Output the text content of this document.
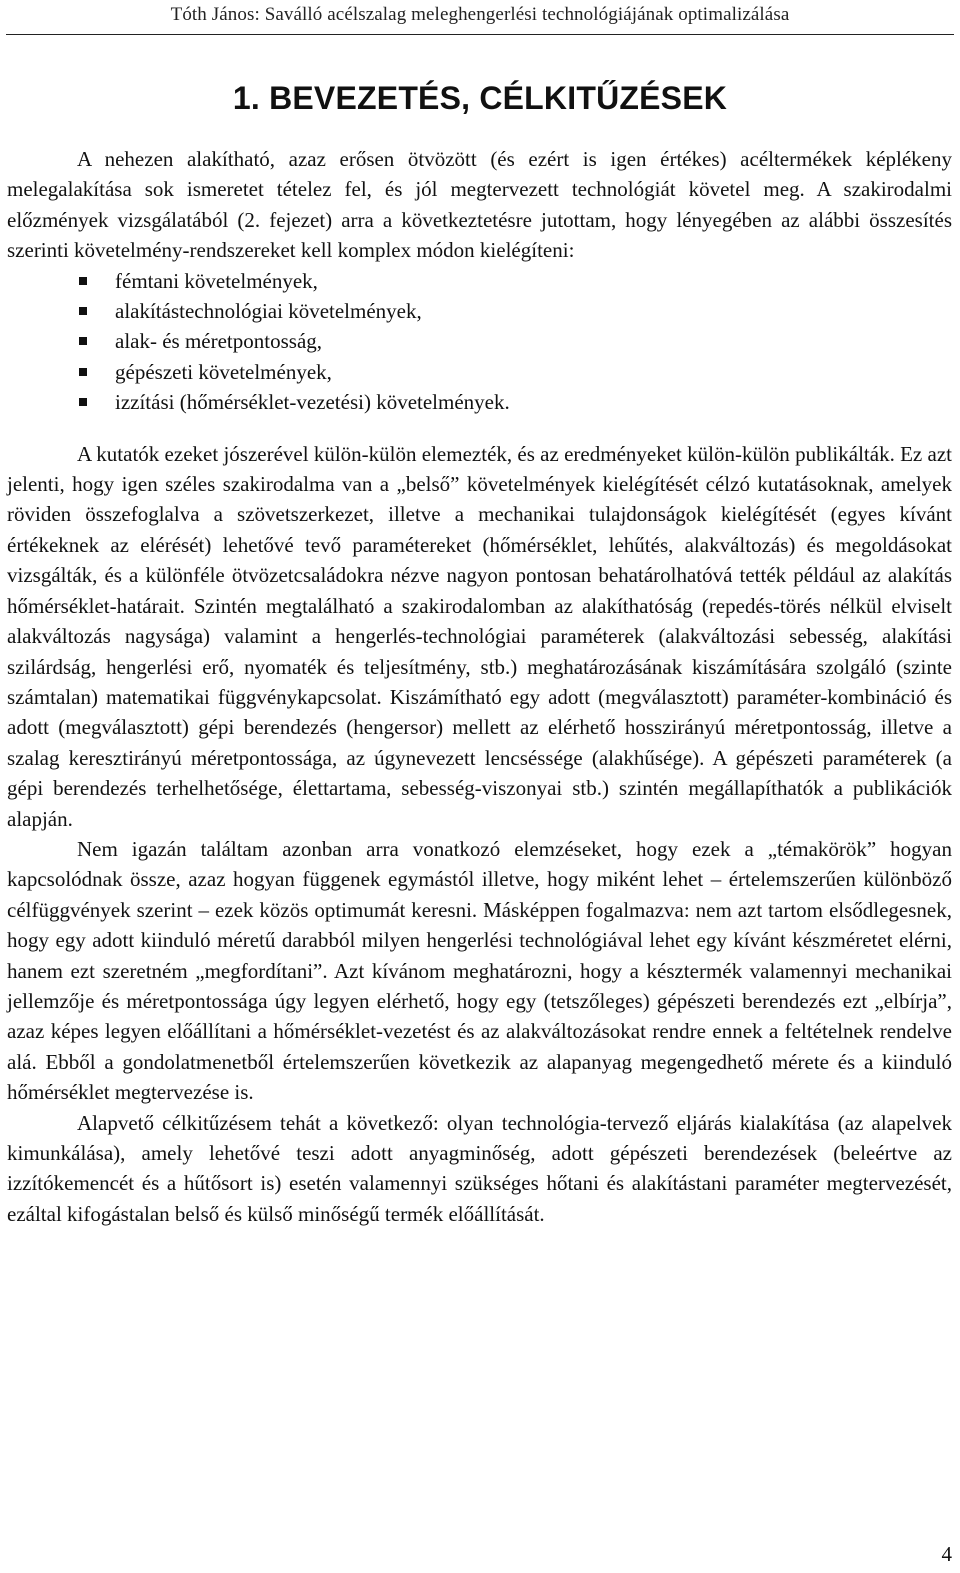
Tóth János: Saválló acélszalag meleghengerlési technológiájának optimalizálása
1. BEVEZETÉS, CÉLKITŰZÉSEK

A nehezen alakítható, azaz erősen ötvözött (és ezért is igen értékes) acéltermékek képlékeny melegalakítása sok ismeretet tételez fel, és jól megtervezett technológiát követel meg. A szakirodalmi előzmények vizsgálatából (2. fejezet) arra a következtetésre jutottam, hogy lényegében az alábbi összesítés szerinti követelmény-rendszereket kell komplex módon kielégíteni:

fémtani követelmények,
alakítástechnológiai követelmények,
alak- és méretpontosság,
gépészeti követelmények,
izzítási (hőmérséklet-vezetési) követelmények.

A kutatók ezeket jószerével külön-külön elemezték, és az eredményeket külön-külön publikálták. Ez azt jelenti, hogy igen széles szakirodalma van a „belső” követelmények kielégítését célzó kutatásoknak, amelyek röviden összefoglalva a szövetszerkezet, illetve a mechanikai tulajdonságok kielégítését (egyes kívánt értékeknek az elérését) lehetővé tevő paramétereket (hőmérséklet, lehűtés, alakváltozás) és megoldásokat vizsgálták, és a különféle ötvözetcsaládokra nézve nagyon pontosan behatárolhatóvá tették például az alakítás hőmérséklet-határait. Szintén megtalálható a szakirodalomban az alakíthatóság (repedés-törés nélkül elviselt alakváltozás nagysága) valamint a hengerlés-technológiai paraméterek (alakváltozási sebesség, alakítási szilárdság, hengerlési erő, nyomaték és teljesítmény, stb.) meghatározásának kiszámítására szolgáló (szinte számtalan) matematikai függvénykapcsolat. Kiszámítható egy adott (megválasztott) paraméter-kombináció és adott (megválasztott) gépi berendezés (hengersor) mellett az elérhető hosszirányú méretpontosság, illetve a szalag keresztirányú méretpontossága, az úgynevezett lencséssége (alakhűsége). A gépészeti paraméterek (a gépi berendezés terhelhetősége, élettartama, sebesség-viszonyai stb.) szintén megállapíthatók a publikációk alapján.

Nem igazán találtam azonban arra vonatkozó elemzéseket, hogy ezek a „témakörök” hogyan kapcsolódnak össze, azaz hogyan függenek egymástól illetve, hogy miként lehet – értelemszerűen különböző célfüggvények szerint – ezek közös optimumát keresni. Másképpen fogalmazva: nem azt tartom elsődlegesnek, hogy egy adott kiinduló méretű darabból milyen hengerlési technológiával lehet egy kívánt készméretet elérni, hanem ezt szeretném „megfordítani”. Azt kívánom meghatározni, hogy a késztermék valamennyi mechanikai jellemzője és méretpontossága úgy legyen elérhető, hogy egy (tetszőleges) gépészeti berendezés ezt „elbírja”, azaz képes legyen előállítani a hőmérséklet-vezetést és az alakváltozásokat rendre ennek a feltételnek rendelve alá. Ebből a gondolatmenetből értelemszerűen következik az alapanyag megengedhető mérete és a kiinduló hőmérséklet megtervezése is.

Alapvető célkitűzésem tehát a következő: olyan technológia-tervező eljárás kialakítása (az alapelvek kimunkálása), amely lehetővé teszi adott anyagminőség, adott gépészeti berendezések (beleértve az izzítókemencét és a hűtősort is) esetén valamennyi szükséges hőtani és alakítástani paraméter megtervezését, ezáltal kifogástalan belső és külső minőségű termék előállítását.

4
